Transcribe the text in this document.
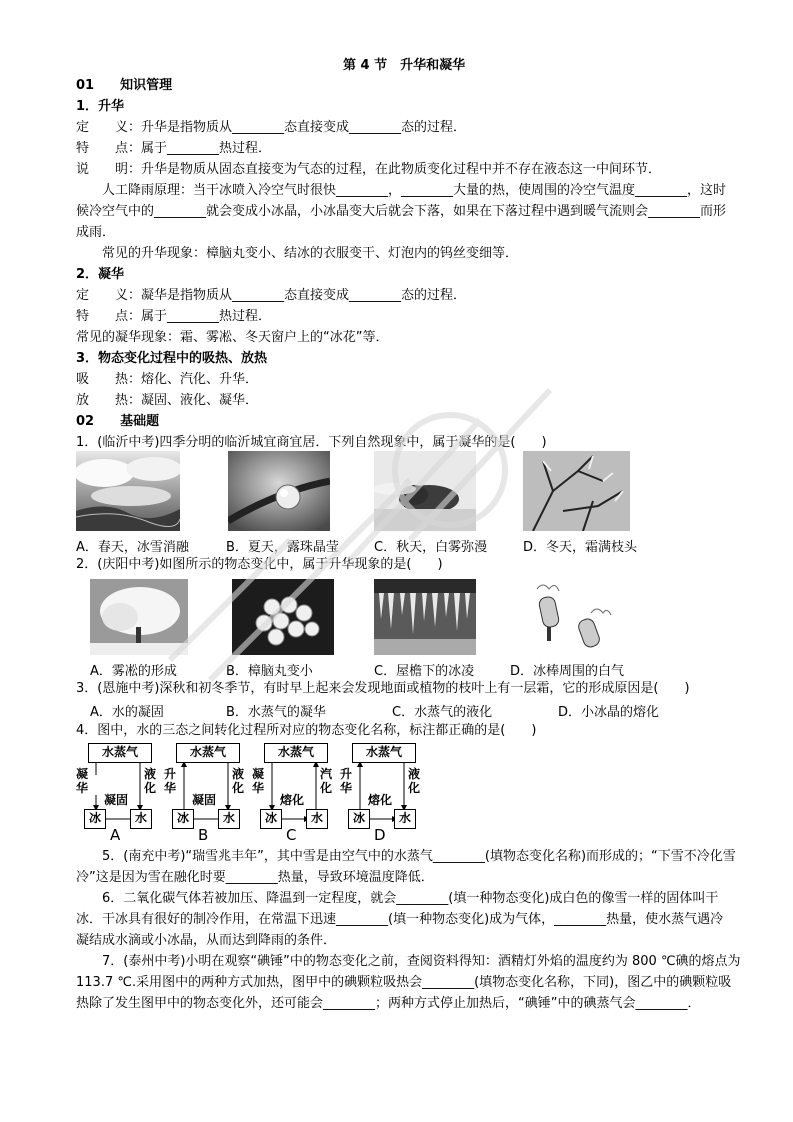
第 4 节　升华和凝华
01　　知识管理
1．升华
定　　义：升华是指物质从________态直接变成________态的过程．
特　　点：属于________热过程．
说　　明：升华是物质从固态直接变为气态的过程，在此物质变化过程中并不存在液态这一中间环节．
　　人工降雨原理：当干冰喷入冷空气时很快________，________大量的热，使周围的冷空气温度________，这时
候冷空气中的________就会变成小冰晶，小冰晶变大后就会下落，如果在下落过程中遇到暖气流则会________而形
成雨．
　　常见的升华现象：樟脑丸变小、结冰的衣服变干、灯泡内的钨丝变细等．
2．凝华
定　　义：凝华是指物质从________态直接变成________态的过程．
特　　点：属于________热过程．
常见的凝华现象：霜、雾凇、冬天窗户上的“冰花”等．
3．物态变化过程中的吸热、放热
吸　　热：熔化、汽化、升华．
放　　热：凝固、液化、凝华．
02　　基础题
1．(临沂中考)四季分明的临沂城宜商宜居．下列自然现象中，属于凝华的是(　　)
A．春天，冰雪消融	B．夏天，露珠晶莹	C．秋天，白雾弥漫	D．冬天，霜满枝头
2．(庆阳中考)如图所示的物态变化中，属于升华现象的是(　　)
A．雾凇的形成	B．樟脑丸变小	C．屋檐下的冰凌	D．冰棒周围的白气
3．(恩施中考)深秋和初冬季节，有时早上起来会发现地面或植物的枝叶上有一层霜，它的形成原因是(　　)
A．水的凝固	B．水蒸气的凝华	C．水蒸气的液化	D．小冰晶的熔化
4．图中，水的三态之间转化过程所对应的物态变化名称，标注都正确的是(　　)
水蒸气
凝华
液化
冰	水
凝固
A
水蒸气
升华
液化
冰	水
凝固
B
水蒸气
凝华
汽化
冰	水
熔化
C
水蒸气
升华
液化
冰	水
熔化
D
　　5．(南充中考)“瑞雪兆丰年”，其中雪是由空气中的水蒸气________(填物态变化名称)而形成的；“下雪不冷化雪
冷”这是因为雪在融化时要________热量，导致环境温度降低．
　　6．二氧化碳气体若被加压、降温到一定程度，就会________(填一种物态变化)成白色的像雪一样的固体叫干
冰．干冰具有很好的制冷作用，在常温下迅速________(填一种物态变化)成为气体，________热量，使水蒸气遇冷
凝结成水滴或小冰晶，从而达到降雨的条件．
　　7．(泰州中考)小明在观察“碘锤”中的物态变化之前，查阅资料得知：酒精灯外焰的温度约为 800 ℃碘的熔点为
113.7 ℃.采用图中的两种方式加热，图甲中的碘颗粒吸热会________(填物态变化名称，下同)，图乙中的碘颗粒吸
热除了发生图甲中的物态变化外，还可能会________；两种方式停止加热后，“碘锤”中的碘蒸气会________．
